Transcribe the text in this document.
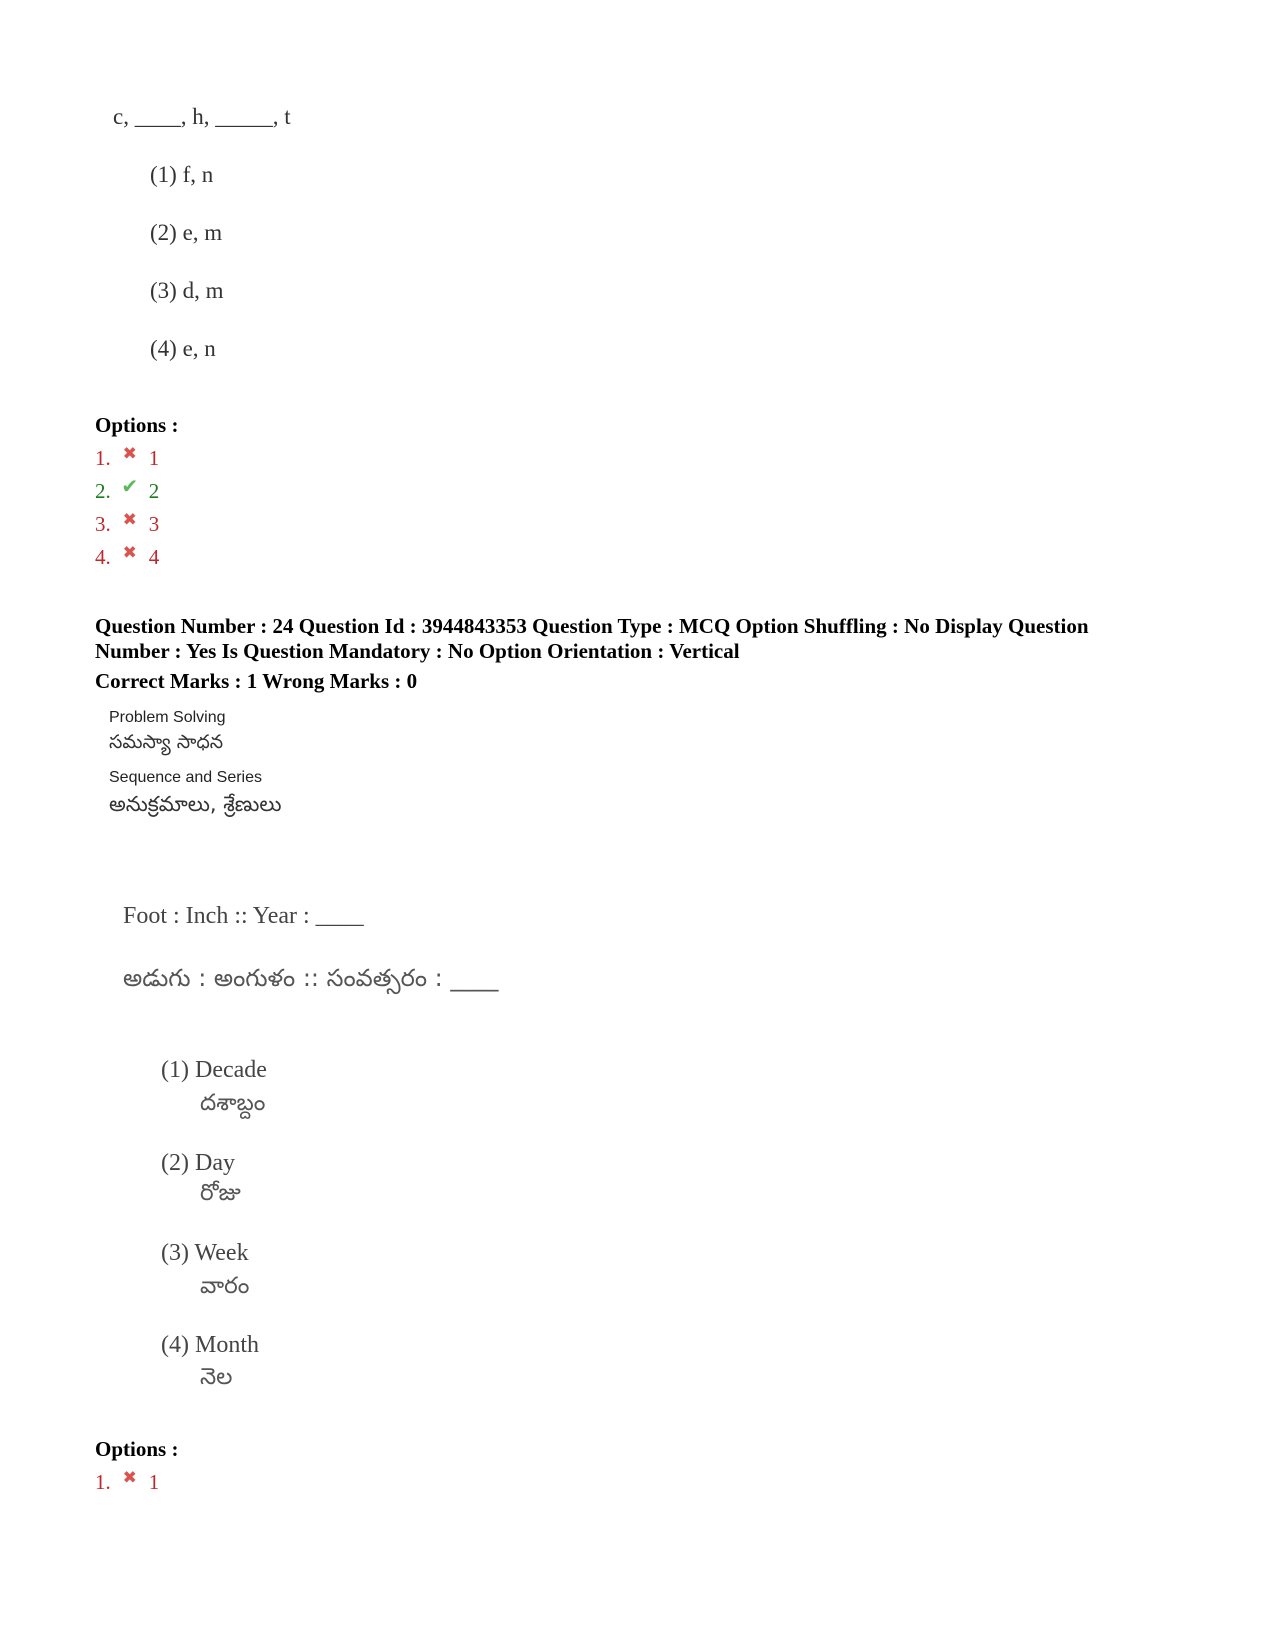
c, ____, h, _____, t
(1) f, n
(2) e, m
(3) d, m
(4) e, n
Options :
1. ✖ 1
2. ✔ 2
3. ✖ 3
4. ✖ 4
Question Number : 24 Question Id : 3944843353 Question Type : MCQ Option Shuffling : No Display Question
Number : Yes Is Question Mandatory : No Option Orientation : Vertical
Correct Marks : 1 Wrong Marks : 0
Problem Solving
సమస్యా సాధన
Sequence and Series
అనుక్రమాలు, శ్రేణులు
Foot : Inch :: Year : ____
అడుగు : అంగుళం :: సంవత్సరం : ____
(1) Decade
దశాబ్దం
(2) Day
రోజు
(3) Week
వారం
(4) Month
నెల
Options :
1. ✖ 1
